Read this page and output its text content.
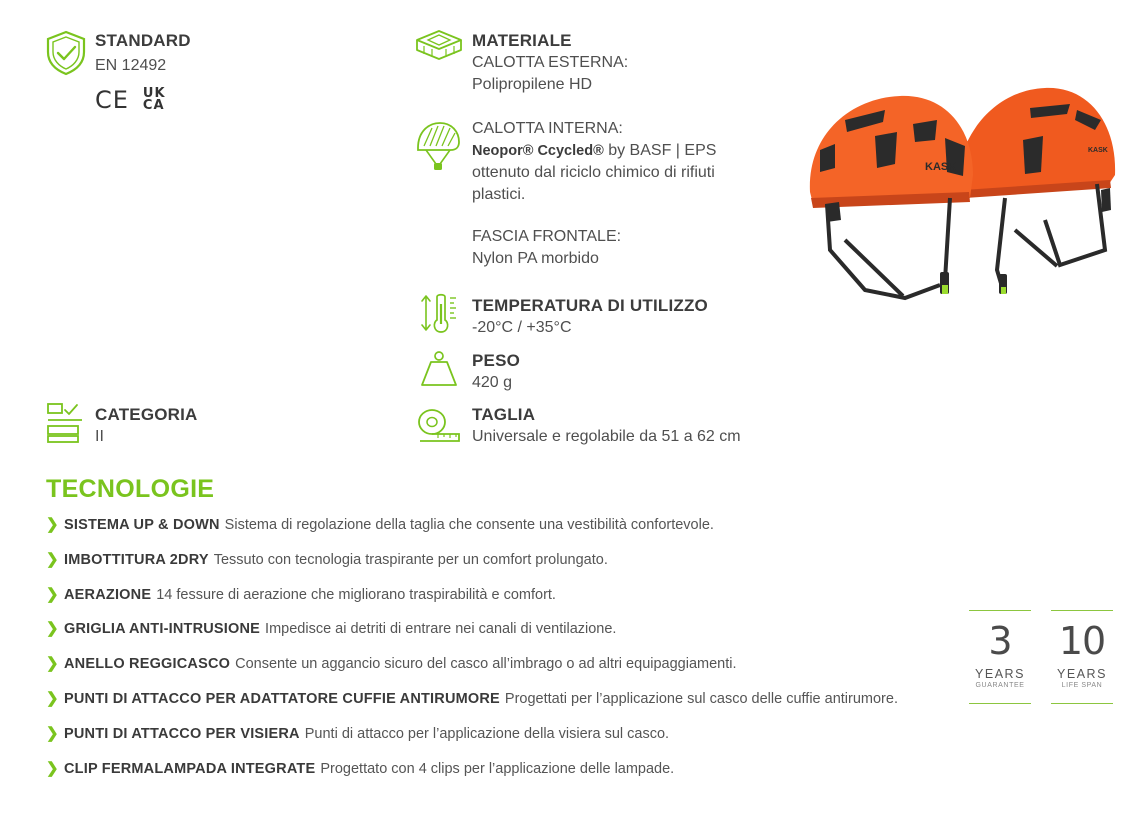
STANDARD
EN 12492
CE UK
CA
CATEGORIA
II
MATERIALE
CALOTTA ESTERNA:
Polipropilene HD
CALOTTA INTERNA:
Neopor® Ccycled® by BASF | EPS
ottenuto dal riciclo chimico di rifiuti
plastici.
FASCIA FRONTALE:
Nylon PA morbido
TEMPERATURA DI UTILIZZO
-20°C / +35°C
PESO
420 g
TAGLIA
Universale e regolabile da 51 a 62 cm
KASK
KASK
TECNOLOGIE
❯ SISTEMA UP & DOWN Sistema di regolazione della taglia che consente una vestibilità confortevole.
❯ IMBOTTITURA 2DRY Tessuto con tecnologia traspirante per un comfort prolungato.
❯ AERAZIONE 14 fessure di aerazione che migliorano traspirabilità e comfort.
❯ GRIGLIA ANTI-INTRUSIONE Impedisce ai detriti di entrare nei canali di ventilazione.
❯ ANELLO REGGICASCO Consente un aggancio sicuro del casco all’imbrago o ad altri equipaggiamenti.
❯ PUNTI DI ATTACCO PER ADATTATORE CUFFIE ANTIRUMORE Progettati per l’applicazione sul casco delle cuffie antirumore.
❯ PUNTI DI ATTACCO PER VISIERA Punti di attacco per l’applicazione della visiera sul casco.
❯ CLIP FERMALAMPADA INTEGRATE Progettato con 4 clips per l’applicazione delle lampade.
3
YEARS
GUARANTEE
10
YEARS
LIFE SPAN
